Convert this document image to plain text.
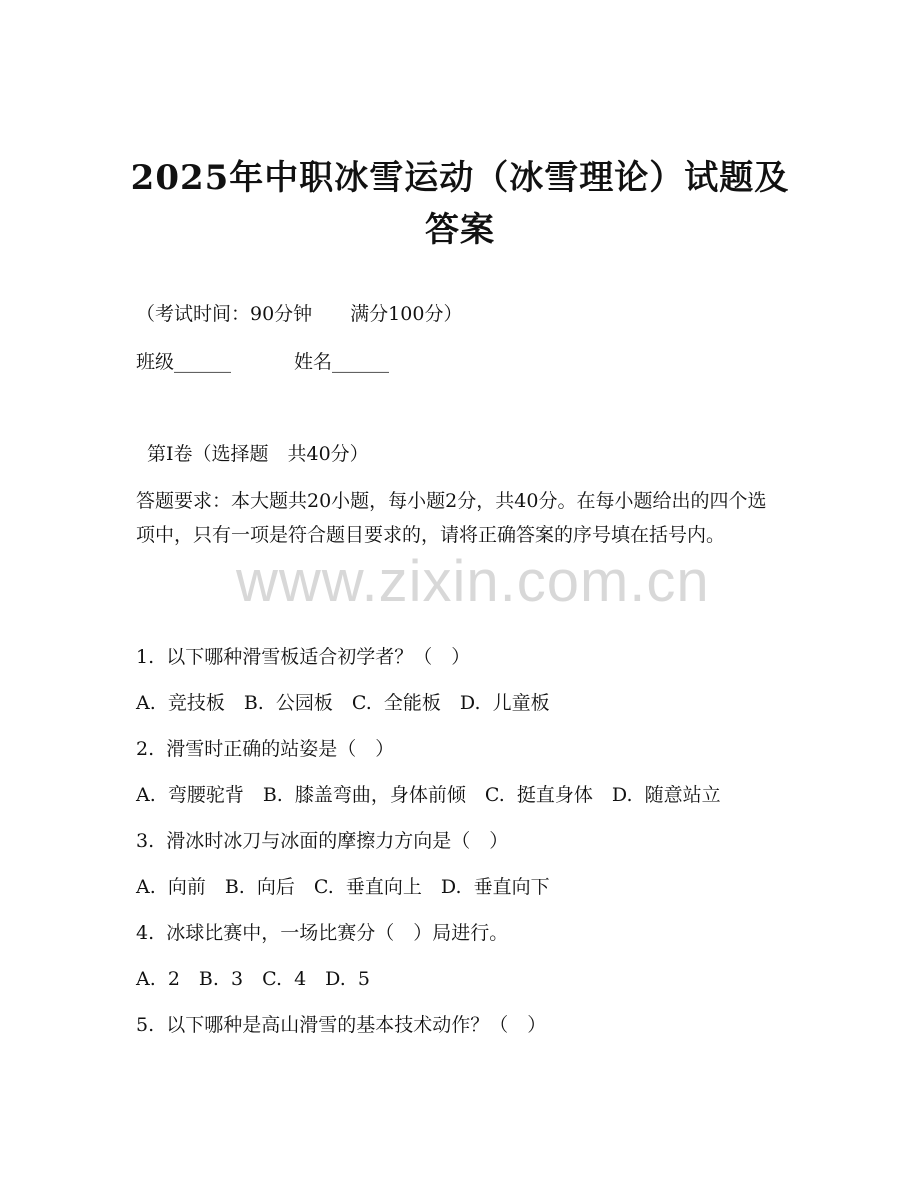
2025年中职冰雪运动（冰雪理论）试题及答案
（考试时间：90分钟　　满分100分）
班级______	姓名______
第I卷（选择题　共40分）
答题要求：本大题共20小题，每小题2分，共40分。在每小题给出的四个选项中，只有一项是符合题目要求的，请将正确答案的序号填在括号内。
www.zixin.com.cn
1.  以下哪种滑雪板适合初学者？（　）
A.  竞技板　B.  公园板　C.  全能板　D.  儿童板
2.  滑雪时正确的站姿是（　）
A.  弯腰驼背　B.  膝盖弯曲，身体前倾　C.  挺直身体　D.  随意站立
3.  滑冰时冰刀与冰面的摩擦力方向是（　）
A.  向前　B.  向后　C.  垂直向上　D.  垂直向下
4.  冰球比赛中，一场比赛分（　）局进行。
A.  2　B.  3　C.  4　D.  5
5.  以下哪种是高山滑雪的基本技术动作？（　）
